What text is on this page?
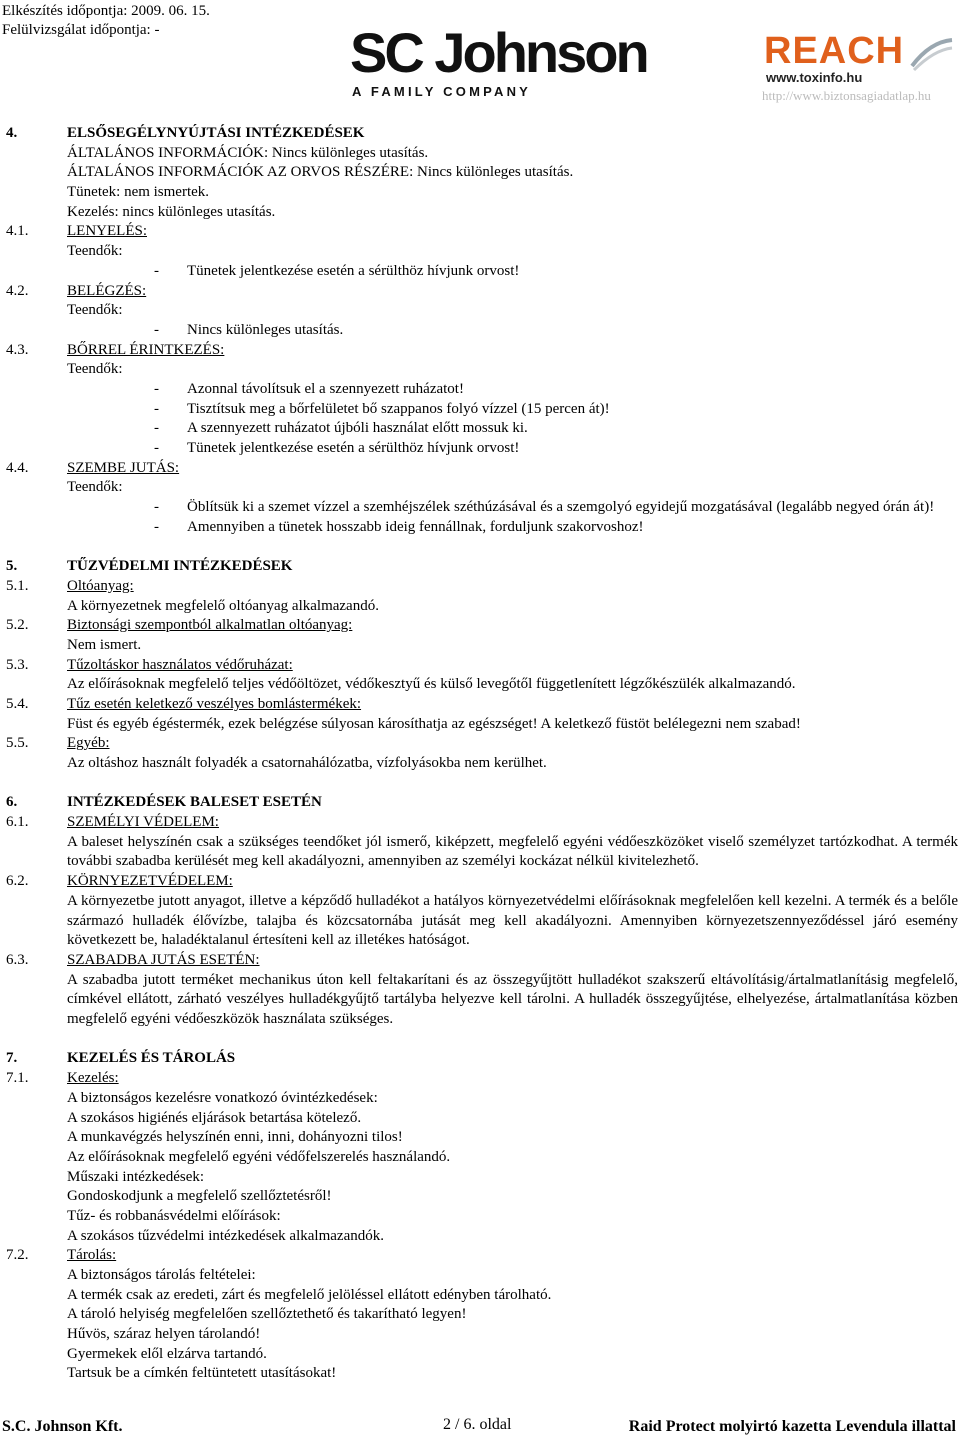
Elkészítés időpontja: 2009. 06. 15.
Felülvizsgálat időpontja: -	SC Johnson
A FAMILY COMPANY
REACH
www.toxinfo.hu
http://www.biztonsagiadatlap.hu
4.	ELSŐSEGÉLYNYÚJTÁSI INTÉZKEDÉSEK
ÁLTALÁNOS INFORMÁCIÓK: Nincs különleges utasítás.
ÁLTALÁNOS INFORMÁCIÓK AZ ORVOS RÉSZÉRE: Nincs különleges utasítás.
Tünetek: nem ismertek.
Kezelés: nincs különleges utasítás.
4.1.	LENYELÉS:
Teendők:
- Tünetek jelentkezése esetén a sérülthöz hívjunk orvost!
4.2.	BELÉGZÉS:
Teendők:
- Nincs különleges utasítás.
4.3.	BŐRREL ÉRINTKEZÉS:
Teendők:
- Azonnal távolítsuk el a szennyezett ruházatot!
- Tisztítsuk meg a bőrfelületet bő szappanos folyó vízzel (15 percen át)!
- A szennyezett ruházatot újbóli használat előtt mossuk ki.
- Tünetek jelentkezése esetén a sérülthöz hívjunk orvost!
4.4.	SZEMBE JUTÁS:
Teendők:
- Öblítsük ki a szemet vízzel a szemhéjszélek széthúzásával és a szemgolyó egyidejű mozgatásával (legalább negyed órán át)!
- Amennyiben a tünetek hosszabb ideig fennállnak, forduljunk szakorvoshoz!
5.	TŰZVÉDELMI INTÉZKEDÉSEK
5.1.	Oltóanyag:
A környezetnek megfelelő oltóanyag alkalmazandó.
5.2.	Biztonsági szempontból alkalmatlan oltóanyag:
Nem ismert.
5.3.	Tűzoltáskor használatos védőruházat:
Az előírásoknak megfelelő teljes védőöltözet, védőkesztyű és külső levegőtől függetlenített légzőkészülék alkalmazandó.
5.4.	Tűz esetén keletkező veszélyes bomlástermékek:
Füst és egyéb égéstermék, ezek belégzése súlyosan károsíthatja az egészséget! A keletkező füstöt belélegezni nem szabad!
5.5.	Egyéb:
Az oltáshoz használt folyadék a csatornahálózatba, vízfolyásokba nem kerülhet.
6.	INTÉZKEDÉSEK BALESET ESETÉN
6.1.	SZEMÉLYI VÉDELEM:
A baleset helyszínén csak a szükséges teendőket jól ismerő, kiképzett, megfelelő egyéni védőeszközöket viselő személyzet tartózkodhat. A termék további szabadba kerülését meg kell akadályozni, amennyiben az személyi kockázat nélkül kivitelezhető.
6.2.	KÖRNYEZETVÉDELEM:
A környezetbe jutott anyagot, illetve a képződő hulladékot a hatályos környezetvédelmi előírásoknak megfelelően kell kezelni. A termék és a belőle származó hulladék élővízbe, talajba és közcsatornába jutását meg kell akadályozni. Amennyiben környezetszennyeződéssel járó esemény következett be, haladéktalanul értesíteni kell az illetékes hatóságot.
6.3.	SZABADBA JUTÁS ESETÉN:
A szabadba jutott terméket mechanikus úton kell feltakarítani és az összegyűjtött hulladékot szakszerű eltávolításig/ártalmatlanításig megfelelő, címkével ellátott, zárható veszélyes hulladékgyűjtő tartályba helyezve kell tárolni. A hulladék összegyűjtése, elhelyezése, ártalmatlanítása közben megfelelő egyéni védőeszközök használata szükséges.
7.	KEZELÉS ÉS TÁROLÁS
7.1.	Kezelés:
A biztonságos kezelésre vonatkozó óvintézkedések:
A szokásos higiénés eljárások betartása kötelező.
A munkavégzés helyszínén enni, inni, dohányozni tilos!
Az előírásoknak megfelelő egyéni védőfelszerelés használandó.
Műszaki intézkedések:
Gondoskodjunk a megfelelő szellőztetésről!
Tűz- és robbanásvédelmi előírások:
A szokásos tűzvédelmi intézkedések alkalmazandók.
7.2.	Tárolás:
A biztonságos tárolás feltételei:
A termék csak az eredeti, zárt és megfelelő jelöléssel ellátott edényben tárolható.
A tároló helyiség megfelelően szellőztethető és takarítható legyen!
Hűvös, száraz helyen tárolandó!
Gyermekek elől elzárva tartandó.
Tartsuk be a címkén feltüntetett utasításokat!
S.C. Johnson Kft.	2 / 6. oldal	Raid Protect molyirtó kazetta Levendula illattal
